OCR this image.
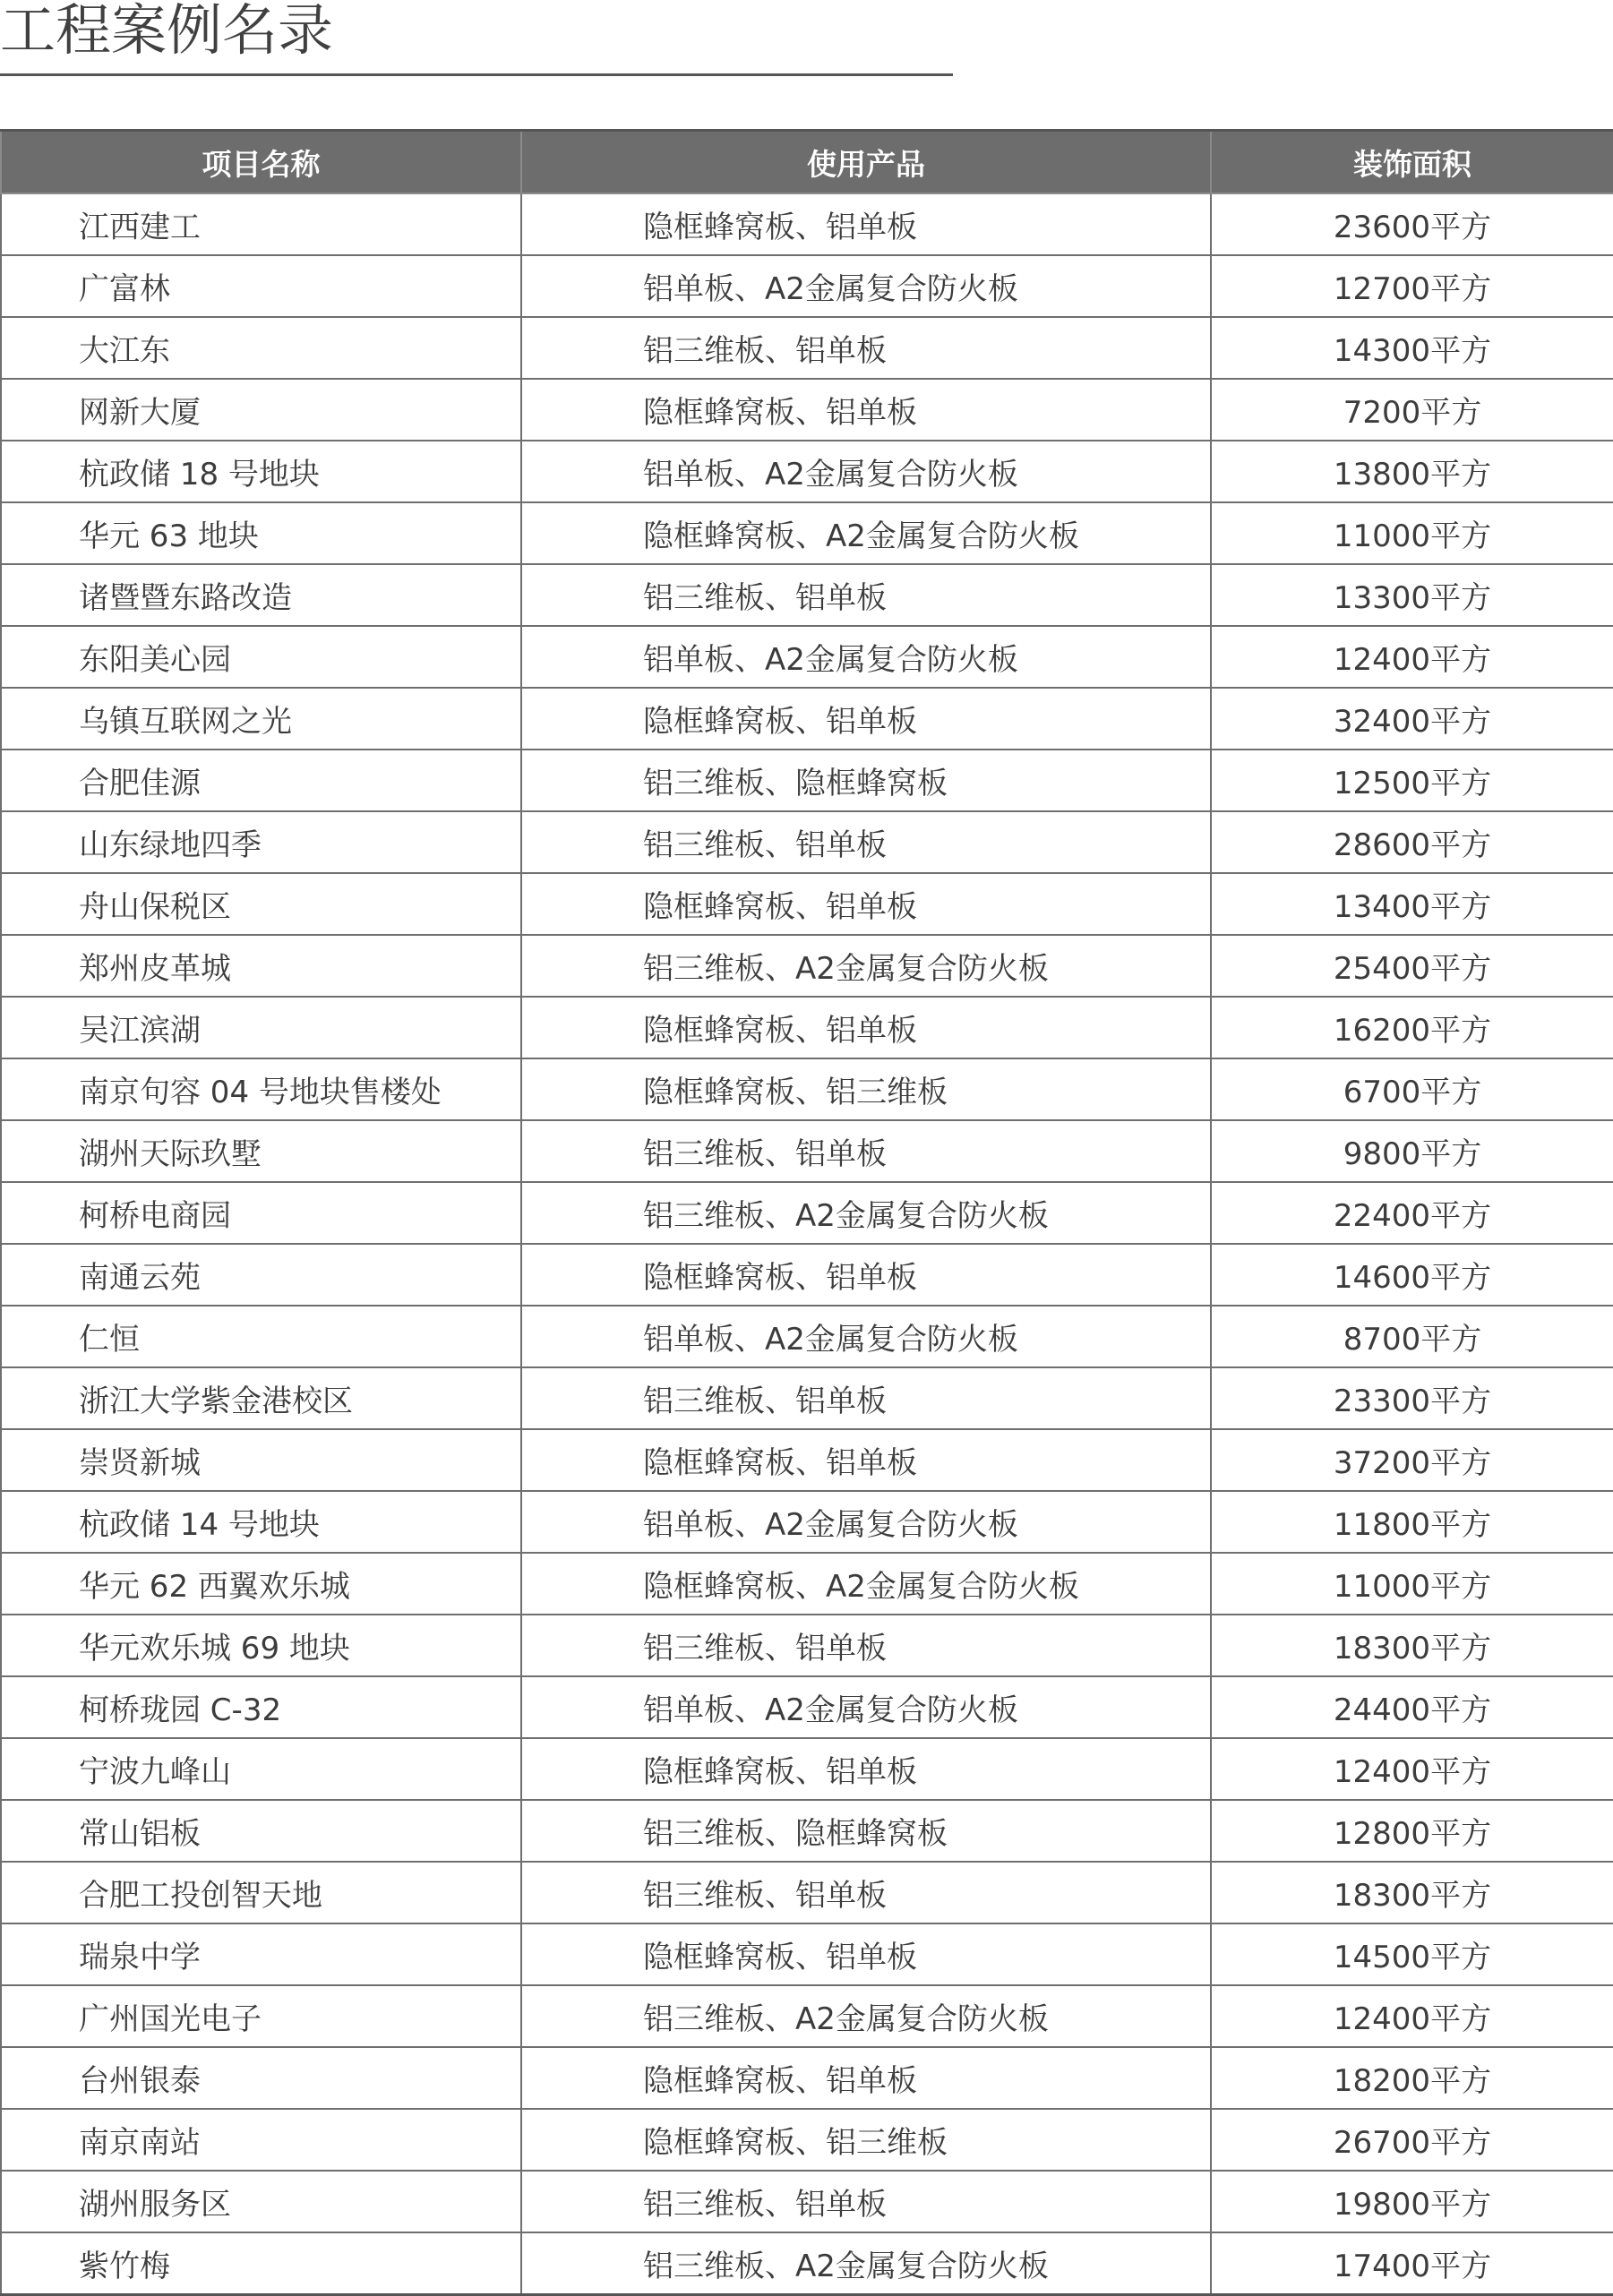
工程案例名录
项目名称	使用产品	装饰面积
江西建工	隐框蜂窝板、铝单板	23600平方
广富林	铝单板、A2金属复合防火板	12700平方
大江东	铝三维板、铝单板	14300平方
网新大厦	隐框蜂窝板、铝单板	7200平方
杭政储 18 号地块	铝单板、A2金属复合防火板	13800平方
华元 63 地块	隐框蜂窝板、A2金属复合防火板	11000平方
诸暨暨东路改造	铝三维板、铝单板	13300平方
东阳美心园	铝单板、A2金属复合防火板	12400平方
乌镇互联网之光	隐框蜂窝板、铝单板	32400平方
合肥佳源	铝三维板、隐框蜂窝板	12500平方
山东绿地四季	铝三维板、铝单板	28600平方
舟山保税区	隐框蜂窝板、铝单板	13400平方
郑州皮革城	铝三维板、A2金属复合防火板	25400平方
吴江滨湖	隐框蜂窝板、铝单板	16200平方
南京句容 04 号地块售楼处	隐框蜂窝板、铝三维板	6700平方
湖州天际玖墅	铝三维板、铝单板	9800平方
柯桥电商园	铝三维板、A2金属复合防火板	22400平方
南通云苑	隐框蜂窝板、铝单板	14600平方
仁恒	铝单板、A2金属复合防火板	8700平方
浙江大学紫金港校区	铝三维板、铝单板	23300平方
崇贤新城	隐框蜂窝板、铝单板	37200平方
杭政储 14 号地块	铝单板、A2金属复合防火板	11800平方
华元 62 西翼欢乐城	隐框蜂窝板、A2金属复合防火板	11000平方
华元欢乐城 69 地块	铝三维板、铝单板	18300平方
柯桥珑园 C-32	铝单板、A2金属复合防火板	24400平方
宁波九峰山	隐框蜂窝板、铝单板	12400平方
常山铝板	铝三维板、隐框蜂窝板	12800平方
合肥工投创智天地	铝三维板、铝单板	18300平方
瑞泉中学	隐框蜂窝板、铝单板	14500平方
广州国光电子	铝三维板、A2金属复合防火板	12400平方
台州银泰	隐框蜂窝板、铝单板	18200平方
南京南站	隐框蜂窝板、铝三维板	26700平方
湖州服务区	铝三维板、铝单板	19800平方
紫竹梅	铝三维板、A2金属复合防火板	17400平方
